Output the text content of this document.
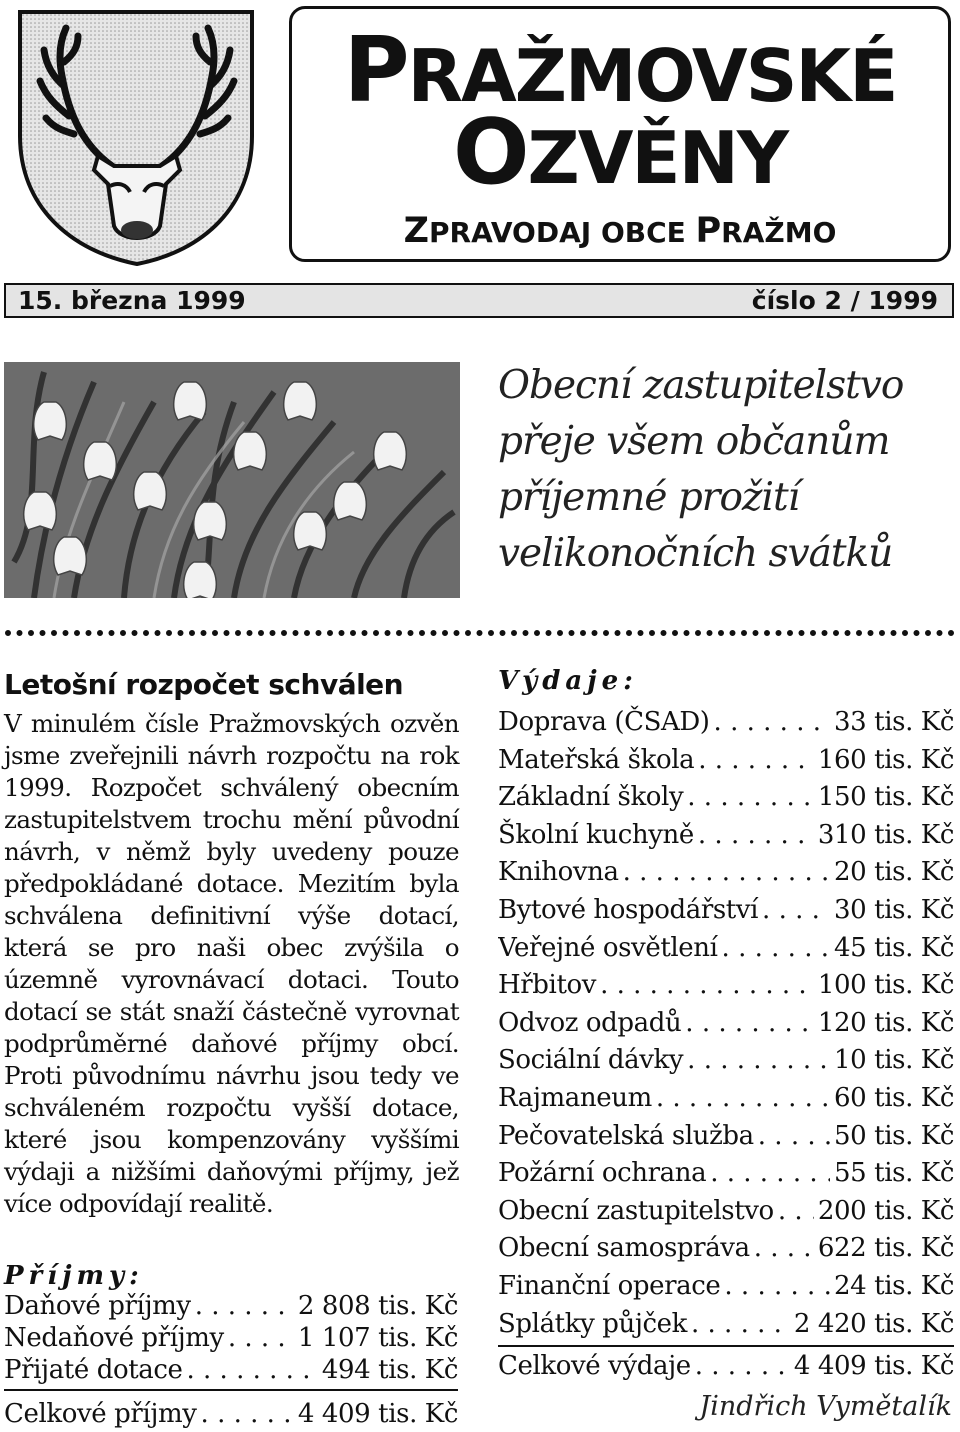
PRAŽMOVSKÉ
OZVĚNY
ZPRAVODAJ OBCE PRAŽMO
15. března 1999	číslo 2 / 1999
Obecní zastupitelstvo
přeje všem občanům
příjemné prožití
velikonočních svátků
Letošní rozpočet schválen

V minulém čísle Pražmovských ozvěn jsme zveřejnili návrh rozpočtu na rok 1999. Rozpočet schválený obecním zastupitelstvem trochu mění původní návrh, v němž byly uvedeny pouze předpokládané dotace. Mezitím byla schválena definitivní výše dotací, která se pro naši obec zvýšila o územně vyrovnávací dotaci. Touto dotací se stát snaží částečně vyrovnat podprůměrné daňové příjmy obcí. Proti původnímu návrhu jsou tedy ve schváleném rozpočtu vyšší dotace, které jsou kompenzovány vyššími výdaji a nižšími daňovými příjmy, jež více odpovídají realitě.

Příjmy:
Daňové příjmy . . .	2 808 tis. Kč
Nedaňové příjmy . . .	1 107 tis. Kč
Přijaté dotace . . .	494 tis. Kč
Celkové příjmy . . .	4 409 tis. Kč
Výdaje:
Doprava (ČSAD) . . .	33 tis. Kč
Mateřská škola . . .	160 tis. Kč
Základní školy . . .	150 tis. Kč
Školní kuchyně . . .	310 tis. Kč
Knihovna . . .	20 tis. Kč
Bytové hospodářství . . .	30 tis. Kč
Veřejné osvětlení . . .	45 tis. Kč
Hřbitov . . .	100 tis. Kč
Odvoz odpadů . . .	120 tis. Kč
Sociální dávky . . .	10 tis. Kč
Rajmaneum . . .	60 tis. Kč
Pečovatelská služba . . .	50 tis. Kč
Požární ochrana . . .	55 tis. Kč
Obecní zastupitelstvo . . . 200 tis. Kč
Obecní samospráva . . .	622 tis. Kč
Finanční operace . . .	24 tis. Kč
Splátky půjček . . .	2 420 tis. Kč
Celkové výdaje . . .	4 409 tis. Kč
Jindřich Vymětalík
